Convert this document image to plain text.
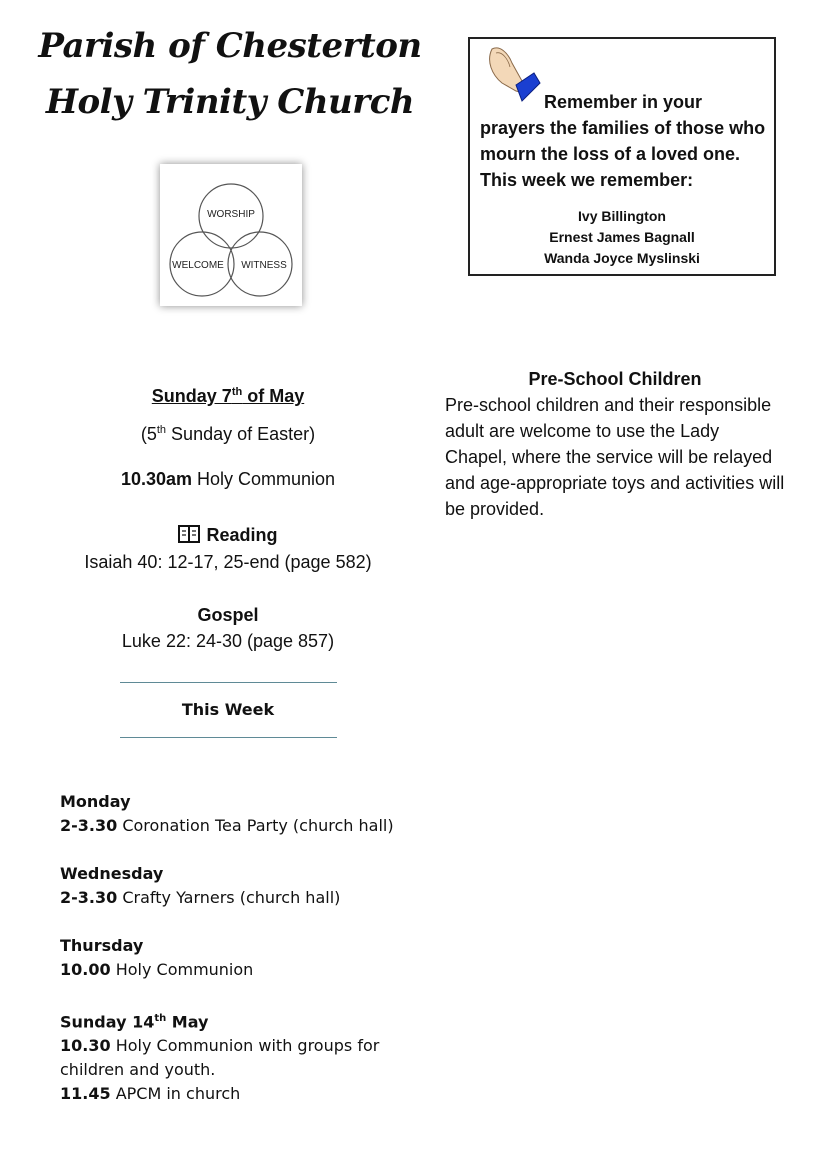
Parish of Chesterton
Holy Trinity Church
WORSHIP
WELCOME WITNESS
Remember in your
prayers the families of those who mourn the loss of a loved one. This week we remember:
Ivy Billington
Ernest James Bagnall
Wanda Joyce Myslinski
Sunday 7th of May
(5th Sunday of Easter)
10.30am Holy Communion
Reading
Isaiah 40: 12-17, 25-end (page 582)
Gospel
Luke 22: 24-30 (page 857)
This Week
Monday
2-3.30 Coronation Tea Party (church hall)
Wednesday
2-3.30 Crafty Yarners (church hall)
Thursday
10.00 Holy Communion
Sunday 14th May
10.30 Holy Communion with groups for children and youth.
11.45 APCM in church
Pre-School Children
Pre-school children and their responsible adult are welcome to use the Lady Chapel, where the service will be relayed and age-appropriate toys and activities will be provided.
